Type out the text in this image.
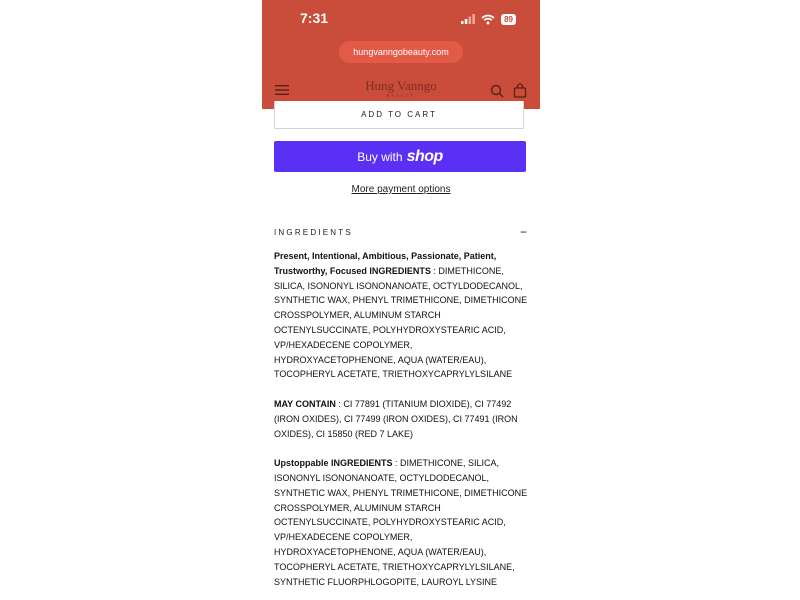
7:31	89
hungvanngobeauty.com
Hung Vanngo
BEAUTY
ADD TO CART
Buy with shop
More payment options
INGREDIENTS	−

Present, Intentional, Ambitious, Passionate, Patient, Trustworthy, Focused INGREDIENTS : DIMETHICONE, SILICA, ISONONYL ISONONANOATE, OCTYLDODECANOL, SYNTHETIC WAX, PHENYL TRIMETHICONE, DIMETHICONE CROSSPOLYMER, ALUMINUM STARCH OCTENYLSUCCINATE, POLYHYDROXYSTEARIC ACID, VP/HEXADECENE COPOLYMER, HYDROXYACETOPHENONE, AQUA (WATER/EAU), TOCOPHERYL ACETATE, TRIETHOXYCAPRYLYLSILANE

MAY CONTAIN : CI 77891 (TITANIUM DIOXIDE), CI 77492 (IRON OXIDES), CI 77499 (IRON OXIDES), CI 77491 (IRON OXIDES), CI 15850 (RED 7 LAKE)

Upstoppable INGREDIENTS : DIMETHICONE, SILICA, ISONONYL ISONONANOATE, OCTYLDODECANOL, SYNTHETIC WAX, PHENYL TRIMETHICONE, DIMETHICONE CROSSPOLYMER, ALUMINUM STARCH OCTENYLSUCCINATE, POLYHYDROXYSTEARIC ACID, VP/HEXADECENE COPOLYMER, HYDROXYACETOPHENONE, AQUA (WATER/EAU), TOCOPHERYL ACETATE, TRIETHOXYCAPRYLYLSILANE, SYNTHETIC FLUORPHLOGOPITE, LAUROYL LYSINE
